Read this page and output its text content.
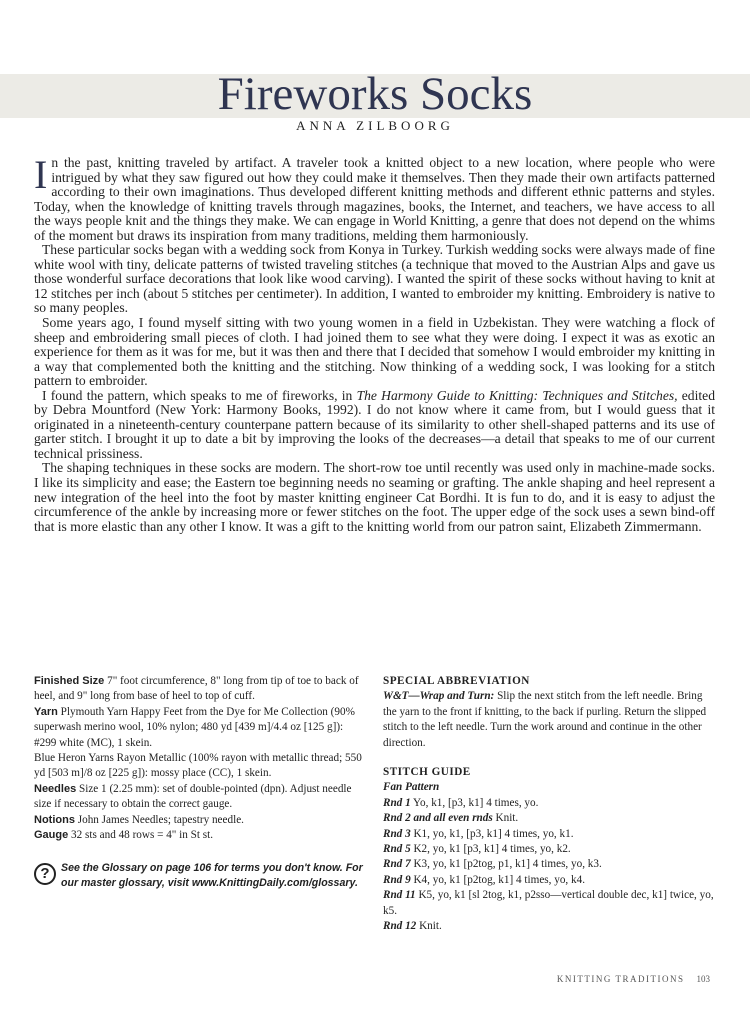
Fireworks Socks
ANNA ZILBOORG

In the past, knitting traveled by artifact. A traveler took a knitted object to a new location, where people who were intrigued by what they saw figured out how they could make it themselves. Then they made their own artifacts patterned according to their own imaginations. Thus developed different knitting methods and different ethnic patterns and styles. Today, when the knowledge of knitting travels through magazines, books, the Internet, and teachers, we have access to all the ways people knit and the things they make. We can engage in World Knitting, a genre that does not depend on the whims of the moment but draws its inspiration from many traditions, melding them harmoniously.

These particular socks began with a wedding sock from Konya in Turkey. Turkish wedding socks were always made of fine white wool with tiny, delicate patterns of twisted traveling stitches (a technique that moved to the Austrian Alps and gave us those wonderful surface decorations that look like wood carving). I wanted the spirit of these socks without having to knit at 12 stitches per inch (about 5 stitches per centimeter). In addition, I wanted to embroider my knitting. Embroidery is native to so many peoples.

Some years ago, I found myself sitting with two young women in a field in Uzbekistan. They were watching a flock of sheep and embroidering small pieces of cloth. I had joined them to see what they were doing. I expect it was as exotic an experience for them as it was for me, but it was then and there that I decided that somehow I would embroider my knitting in a way that complemented both the knitting and the stitching. Now thinking of a wedding sock, I was looking for a stitch pattern to embroider.

I found the pattern, which speaks to me of fireworks, in The Harmony Guide to Knitting: Techniques and Stitches, edited by Debra Mountford (New York: Harmony Books, 1992). I do not know where it came from, but I would guess that it originated in a nineteenth-century counterpane pattern because of its similarity to other shell-shaped patterns and its use of garter stitch. I brought it up to date a bit by improving the looks of the decreases—a detail that speaks to me of our current technical prissiness.

The shaping techniques in these socks are modern. The short-row toe until recently was used only in machine-made socks. I like its simplicity and ease; the Eastern toe beginning needs no seaming or grafting. The ankle shaping and heel represent a new integration of the heel into the foot by master knitting engineer Cat Bordhi. It is fun to do, and it is easy to adjust the circumference of the ankle by increasing more or fewer stitches on the foot. The upper edge of the sock uses a sewn bind-off that is more elastic than any other I know. It was a gift to the knitting world from our patron saint, Elizabeth Zimmermann.

Finished Size 7" foot circumference, 8" long from tip of toe to back of heel, and 9" long from base of heel to top of cuff.

Yarn Plymouth Yarn Happy Feet from the Dye for Me Collection (90% superwash merino wool, 10% nylon; 480 yd [439 m]/4.4 oz [125 g]): #299 white (MC), 1 skein.

Blue Heron Yarns Rayon Metallic (100% rayon with metallic thread; 550 yd [503 m]/8 oz [225 g]): mossy place (CC), 1 skein.

Needles Size 1 (2.25 mm): set of double-pointed (dpn). Adjust needle size if necessary to obtain the correct gauge.

Notions John James Needles; tapestry needle.

Gauge 32 sts and 48 rows = 4" in St st.

?	See the Glossary on page 106 for terms you don't know. For our master glossary, visit www.KnittingDaily.com/glossary.

SPECIAL ABBREVIATION

W&T—Wrap and Turn: Slip the next stitch from the left needle. Bring the yarn to the front if knitting, to the back if purling. Return the slipped stitch to the left needle. Turn the work around and continue in the other direction.

STITCH GUIDE

Fan Pattern

Rnd 1 Yo, k1, [p3, k1] 4 times, yo.

Rnd 2 and all even rnds Knit.

Rnd 3 K1, yo, k1, [p3, k1] 4 times, yo, k1.

Rnd 5 K2, yo, k1 [p3, k1] 4 times, yo, k2.

Rnd 7 K3, yo, k1 [p2tog, p1, k1] 4 times, yo, k3.

Rnd 9 K4, yo, k1 [p2tog, k1] 4 times, yo, k4.

Rnd 11 K5, yo, k1 [sl 2tog, k1, p2sso—vertical double dec, k1] twice, yo, k5.

Rnd 12 Knit.

KNITTING TRADITIONS 103
